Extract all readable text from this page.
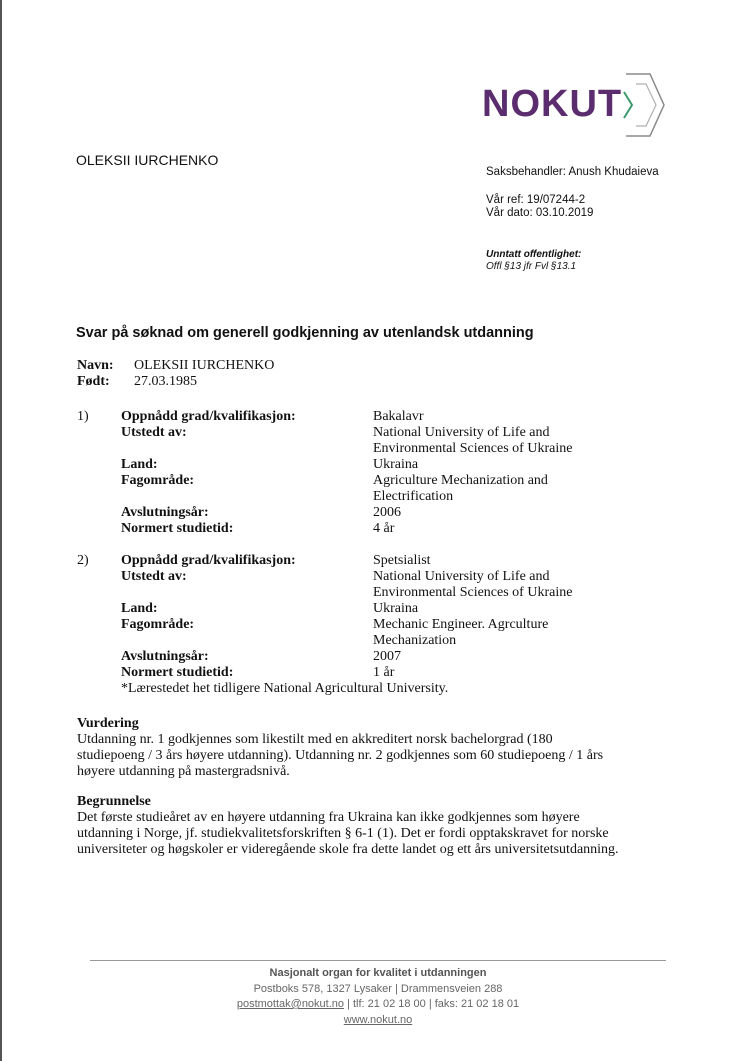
NOKUT
OLEKSII IURCHENKO
Saksbehandler: Anush Khudaieva
Vår ref: 19/07244-2
Vår dato: 03.10.2019
Unntatt offentlighet:
Offl §13 jfr Fvl §13.1
Svar på søknad om generell godkjenning av utenlandsk utdanning
Navn:	OLEKSII IURCHENKO
Født:	27.03.1985
1)	Oppnådd grad/kvalifikasjon:	Bakalavr
Utstedt av:	National University of Life and
Environmental Sciences of Ukraine
Land:	Ukraina
Fagområde:	Agriculture Mechanization and
Electrification
Avslutningsår:	2006
Normert studietid:	4 år
2)	Oppnådd grad/kvalifikasjon:	Spetsialist
Utstedt av:	National University of Life and
Environmental Sciences of Ukraine
Land:	Ukraina
Fagområde:	Mechanic Engineer. Agrculture
Mechanization
Avslutningsår:	2007
Normert studietid:	1 år
*Lærestedet het tidligere National Agricultural University.
Vurdering
Utdanning nr. 1 godkjennes som likestilt med en akkreditert norsk bachelorgrad (180
studiepoeng / 3 års høyere utdanning). Utdanning nr. 2 godkjennes som 60 studiepoeng / 1 års
høyere utdanning på mastergradsnivå.
Begrunnelse
Det første studieåret av en høyere utdanning fra Ukraina kan ikke godkjennes som høyere
utdanning i Norge, jf. studiekvalitetsforskriften § 6-1 (1). Det er fordi opptakskravet for norske
universiteter og høgskoler er videregående skole fra dette landet og ett års universitetsutdanning.
Nasjonalt organ for kvalitet i utdanningen
Postboks 578, 1327 Lysaker | Drammensveien 288
postmottak@nokut.no | tlf: 21 02 18 00 | faks: 21 02 18 01
www.nokut.no
